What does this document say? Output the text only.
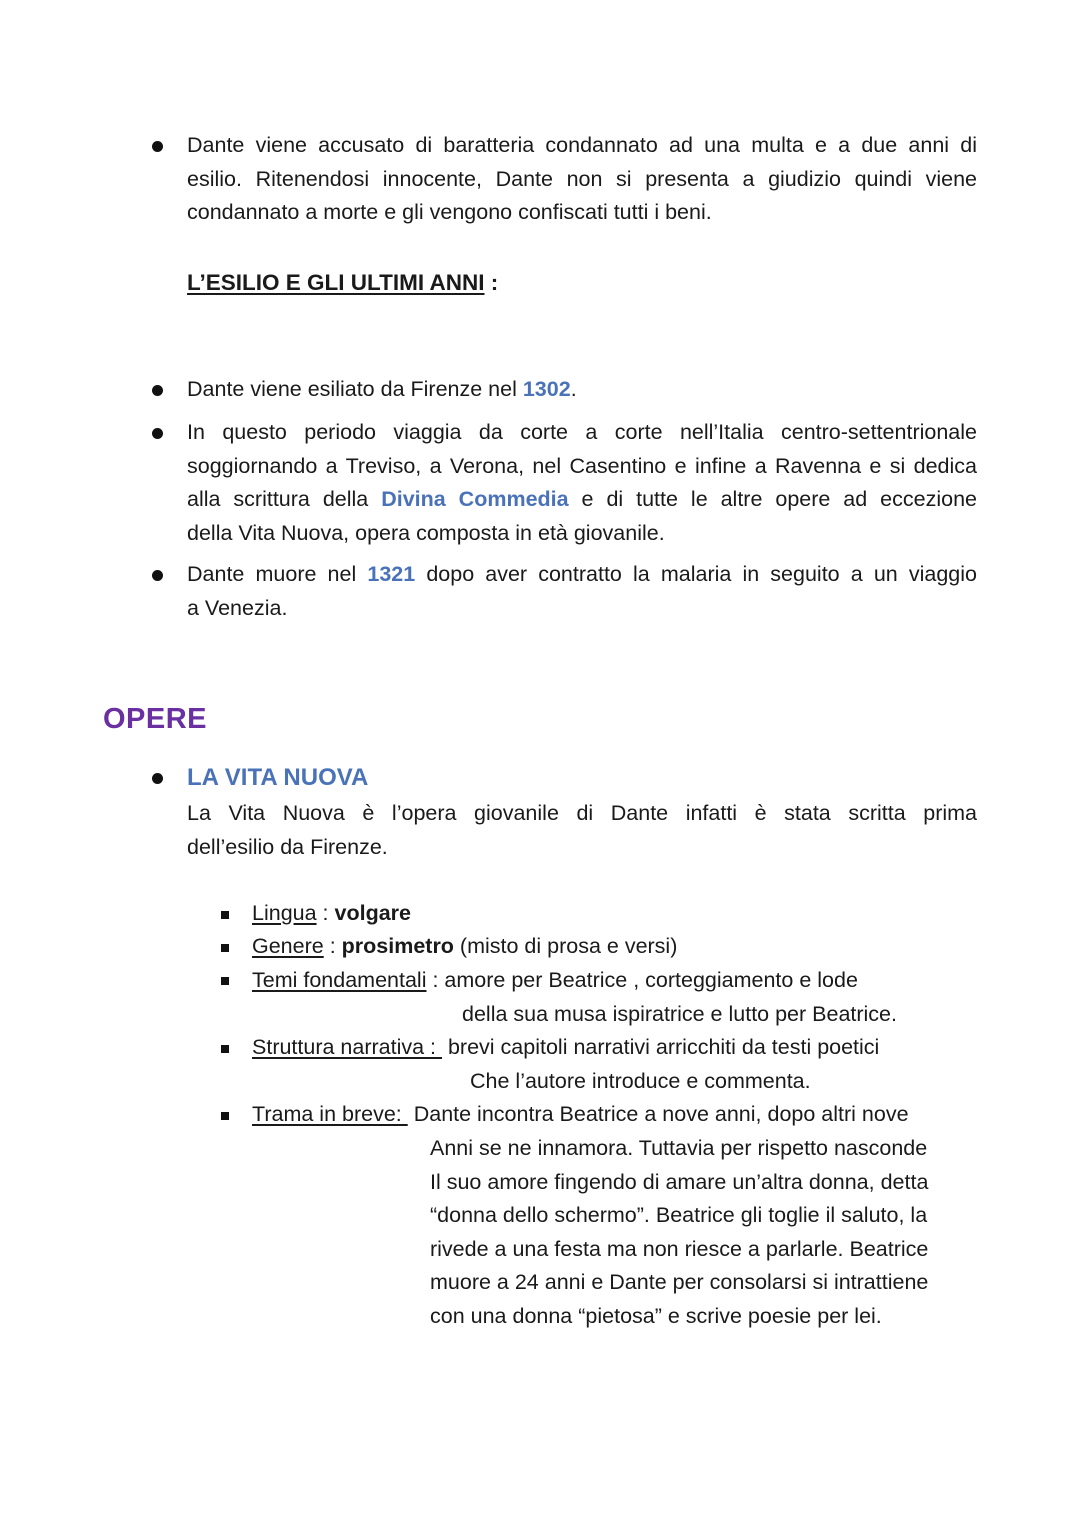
Dante viene accusato di baratteria condannato ad una multa e a due anni di
esilio. Ritenendosi innocente, Dante non si presenta a giudizio quindi viene
condannato a morte e gli vengono confiscati tutti i beni.
L’ESILIO E GLI ULTIMI ANNI :
Dante viene esiliato da Firenze nel 1302.
In questo periodo viaggia da corte a corte nell’Italia centro-settentrionale
soggiornando a Treviso, a Verona, nel Casentino e infine a Ravenna e si dedica
alla scrittura della Divina Commedia e di tutte le altre opere ad eccezione
della Vita Nuova, opera composta in età giovanile.
Dante muore nel 1321 dopo aver contratto la malaria in seguito a un viaggio
a Venezia.
OPERE
LA VITA NUOVA
La Vita Nuova è l’opera giovanile di Dante infatti è stata scritta prima
dell’esilio da Firenze.
Lingua : volgare
Genere : prosimetro (misto di prosa e versi)
Temi fondamentali : amore per Beatrice , corteggiamento e lode
della sua musa ispiratrice e lutto per Beatrice.
Struttura narrativa :  brevi capitoli narrativi arricchiti da testi poetici
Che l’autore introduce e commenta.
Trama in breve:  Dante incontra Beatrice a nove anni, dopo altri nove
Anni se ne innamora. Tuttavia per rispetto nasconde
Il suo amore fingendo di amare un’altra donna, detta
“donna dello schermo”. Beatrice gli toglie il saluto, la
rivede a una festa ma non riesce a parlarle. Beatrice
muore a 24 anni e Dante per consolarsi si intrattiene
con una donna “pietosa” e scrive poesie per lei.
